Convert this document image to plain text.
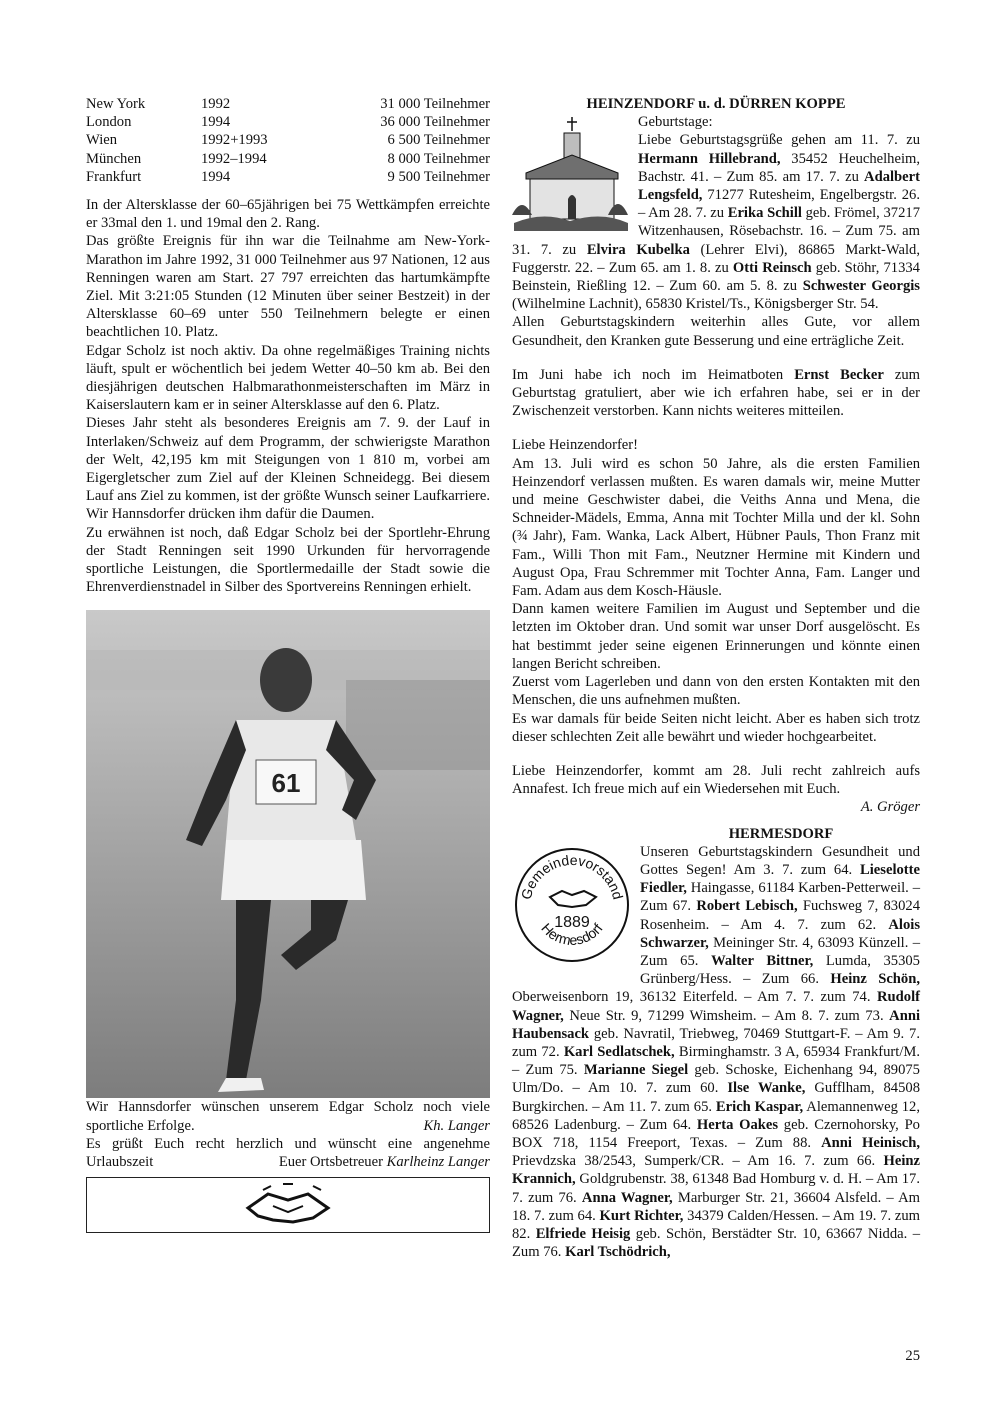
New York	1992	31 000 Teilnehmer
London	1994	36 000 Teilnehmer
Wien	1992+1993	6 500 Teilnehmer
München	1992–1994	8 000 Teilnehmer
Frankfurt	1994	9 500 Teilnehmer

In der Altersklasse der 60–65jährigen bei 75 Wettkämpfen erreichte er 33mal den 1. und 19mal den 2. Rang.

Das größte Ereignis für ihn war die Teilnahme am New-York-Marathon im Jahre 1992, 31 000 Teilnehmer aus 97 Nationen, 12 aus Renningen waren am Start. 27 797 erreichten das hartumkämpfte Ziel. Mit 3:21:05 Stunden (12 Minuten über seiner Bestzeit) in der Altersklasse 60–69 unter 550 Teilnehmern belegte er einen beachtlichen 10. Platz.

Edgar Scholz ist noch aktiv. Da ohne regelmäßiges Training nichts läuft, spult er wöchentlich bei jedem Wetter 40–50 km ab. Bei den diesjährigen deutschen Halbmarathonmeisterschaften im März in Kaiserslautern kam er in seiner Altersklasse auf den 6. Platz.

Dieses Jahr steht als besonderes Ereignis am 7. 9. der Lauf in Interlaken/Schweiz auf dem Programm, der schwierigste Marathon der Welt, 42,195 km mit Steigungen von 1 810 m, vorbei am Eigergletscher zum Ziel auf der Kleinen Schneidegg. Bei diesem Lauf ans Ziel zu kommen, ist der größte Wunsch seiner Laufkarriere. Wir Hannsdorfer drücken ihm dafür die Daumen.

Zu erwähnen ist noch, daß Edgar Scholz bei der Sportlehr-Ehrung der Stadt Renningen seit 1990 Urkunden für hervorragende sportliche Leistungen, die Sportlermedaille der Stadt sowie die Ehrenverdienstnadel in Silber des Sportvereins Renningen erhielt.

61

Wir Hannsdorfer wünschen unserem Edgar Scholz noch viele sportliche Erfolge.	Kh. Langer

Es grüßt Euch recht herzlich und wünscht eine angenehme Urlaubszeit	Euer Ortsbetreuer Karlheinz Langer

HEINZENDORF u. d. DÜRREN KOPPE

Geburtstage:

Liebe Geburtstagsgrüße gehen am 11. 7. zu Hermann Hillebrand, 35452 Heuchelheim, Bachstr. 41. – Zum 85. am 17. 7. zu Adalbert Lengsfeld, 71277 Rutesheim, Engelbergstr. 26. – Am 28. 7. zu Erika Schill geb. Frömel, 37217 Witzenhausen, Rösebachstr. 16. – Zum 75. am 31. 7. zu Elvira Kubelka (Lehrer Elvi), 86865 Markt-Wald, Fuggerstr. 22. – Zum 65. am 1. 8. zu Otti Reinsch geb. Stöhr, 71334 Beinstein, Rießling 12. – Zum 60. am 5. 8. zu Schwester Georgis (Wilhelmine Lachnit), 65830 Kristel/Ts., Königsberger Str. 54.

Allen Geburtstagskindern weiterhin alles Gute, vor allem Gesundheit, den Kranken gute Besserung und eine erträgliche Zeit.

Im Juni habe ich noch im Heimatboten Ernst Becker zum Geburtstag gratuliert, aber wie ich erfahren habe, sei er in der Zwischenzeit verstorben. Kann nichts weiteres mitteilen.

Liebe Heinzendorfer!

Am 13. Juli wird es schon 50 Jahre, als die ersten Familien Heinzendorf verlassen mußten. Es waren damals wir, meine Mutter und meine Geschwister dabei, die Veiths Anna und Mena, die Schneider-Mädels, Emma, Anna mit Tochter Milla und der kl. Sohn (¾ Jahr), Fam. Wanka, Lack Albert, Hübner Pauls, Thon Franz mit Fam., Willi Thon mit Fam., Neutzner Hermine mit Kindern und August Opa, Frau Schremmer mit Tochter Anna, Fam. Langer und Fam. Adam aus dem Kosch-Häusle.

Dann kamen weitere Familien im August und September und die letzten im Oktober dran. Und somit war unser Dorf ausgelöscht. Es hat bestimmt jeder seine eigenen Erinnerungen und könnte einen langen Bericht schreiben.

Zuerst vom Lagerleben und dann von den ersten Kontakten mit den Menschen, die uns aufnehmen mußten.

Es war damals für beide Seiten nicht leicht. Aber es haben sich trotz dieser schlechten Zeit alle bewährt und wieder hochgearbeitet.

Liebe Heinzendorfer, kommt am 28. Juli recht zahlreich aufs Annafest. Ich freue mich auf ein Wiedersehen mit Euch.

A. Gröger

HERMESDORF
Gemeindevorstand
1889
Hermesdorf

Unseren Geburtstagskindern Gesundheit und Gottes Segen! Am 3. 7. zum 64. Lieselotte Fiedler, Haingasse, 61184 Karben-Petterweil. – Zum 67. Robert Lebisch, Fuchsweg 7, 83024 Rosenheim. – Am 4. 7. zum 62. Alois Schwarzer, Meininger Str. 4, 63093 Künzell. – Zum 65. Walter Bittner, Lumda, 35305 Grünberg/Hess. – Zum 66. Heinz Schön, Oberweisenborn 19, 36132 Eiterfeld. – Am 7. 7. zum 74. Rudolf Wagner, Neue Str. 9, 71299 Wimsheim. – Am 8. 7. zum 73. Anni Haubensack geb. Navratil, Triebweg, 70469 Stuttgart-F. – Am 9. 7. zum 72. Karl Sedlatschek, Birminghamstr. 3 A, 65934 Frankfurt/M. – Zum 75. Marianne Siegel geb. Schoske, Eichenhang 94, 89075 Ulm/Do. – Am 10. 7. zum 60. Ilse Wanke, Gufflham, 84508 Burgkirchen. – Am 11. 7. zum 65. Erich Kaspar, Alemannenweg 12, 68526 Ladenburg. – Zum 64. Herta Oakes geb. Czernohorsky, Po BOX 718, 1154 Freeport, Texas. – Zum 88. Anni Heinisch, Prievdzska 38/2543, Sumperk/CR. – Am 16. 7. zum 66. Heinz Krannich, Goldgrubenstr. 38, 61348 Bad Homburg v. d. H. – Am 17. 7. zum 76. Anna Wagner, Marburger Str. 21, 36604 Alsfeld. – Am 18. 7. zum 64. Kurt Richter, 34379 Calden/Hessen. – Am 19. 7. zum 82. Elfriede Heisig geb. Schön, Berstädter Str. 10, 63667 Nidda. – Zum 76. Karl Tschödrich,

25
